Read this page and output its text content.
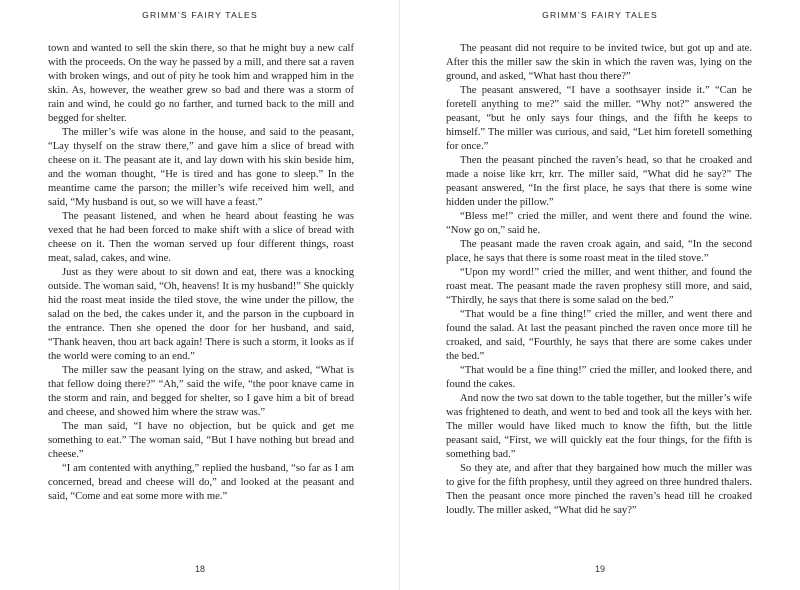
GRIMM’S FAIRY TALES

town and wanted to sell the skin there, so that he might buy a new calf with the proceeds. On the way he passed by a mill, and there sat a raven with broken wings, and out of pity he took him and wrapped him in the skin. As, however, the weather grew so bad and there was a storm of rain and wind, he could go no farther, and turned back to the mill and begged for shelter.

The miller’s wife was alone in the house, and said to the peasant, “Lay thyself on the straw there,” and gave him a slice of bread with cheese on it. The peasant ate it, and lay down with his skin beside him, and the woman thought, “He is tired and has gone to sleep.” In the meantime came the parson; the miller’s wife received him well, and said, “My husband is out, so we will have a feast.”

The peasant listened, and when he heard about feasting he was vexed that he had been forced to make shift with a slice of bread with cheese on it. Then the woman served up four different things, roast meat, salad, cakes, and wine.

Just as they were about to sit down and eat, there was a knocking outside. The woman said, “Oh, heavens! It is my husband!” She quickly hid the roast meat inside the tiled stove, the wine under the pillow, the salad on the bed, the cakes under it, and the parson in the cupboard in the entrance. Then she opened the door for her husband, and said, “Thank heaven, thou art back again! There is such a storm, it looks as if the world were coming to an end.”

The miller saw the peasant lying on the straw, and asked, “What is that fellow doing there?” “Ah,” said the wife, “the poor knave came in the storm and rain, and begged for shelter, so I gave him a bit of bread and cheese, and showed him where the straw was.”

The man said, “I have no objection, but be quick and get me something to eat.” The woman said, “But I have nothing but bread and cheese.”

“I am contented with anything,” replied the husband, “so far as I am concerned, bread and cheese will do,” and looked at the peasant and said, “Come and eat some more with me.”

18
GRIMM’S FAIRY TALES

The peasant did not require to be invited twice, but got up and ate. After this the miller saw the skin in which the raven was, lying on the ground, and asked, “What hast thou there?”

The peasant answered, “I have a soothsayer inside it.” “Can he foretell anything to me?” said the miller. “Why not?” answered the peasant, “but he only says four things, and the fifth he keeps to himself.” The miller was curious, and said, “Let him foretell something for once.”

Then the peasant pinched the raven’s head, so that he croaked and made a noise like krr, krr. The miller said, “What did he say?” The peasant answered, “In the first place, he says that there is some wine hidden under the pillow.”

“Bless me!” cried the miller, and went there and found the wine. “Now go on,” said he.

The peasant made the raven croak again, and said, “In the second place, he says that there is some roast meat in the tiled stove.”

“Upon my word!” cried the miller, and went thither, and found the roast meat. The peasant made the raven prophesy still more, and said, “Thirdly, he says that there is some salad on the bed.”

“That would be a fine thing!” cried the miller, and went there and found the salad. At last the peasant pinched the raven once more till he croaked, and said, “Fourthly, he says that there are some cakes under the bed.”

“That would be a fine thing!” cried the miller, and looked there, and found the cakes.

And now the two sat down to the table together, but the miller’s wife was frightened to death, and went to bed and took all the keys with her. The miller would have liked much to know the fifth, but the little peasant said, “First, we will quickly eat the four things, for the fifth is something bad.”

So they ate, and after that they bargained how much the miller was to give for the fifth prophesy, until they agreed on three hundred thalers. Then the peasant once more pinched the raven’s head till he croaked loudly. The miller asked, “What did he say?”

19
